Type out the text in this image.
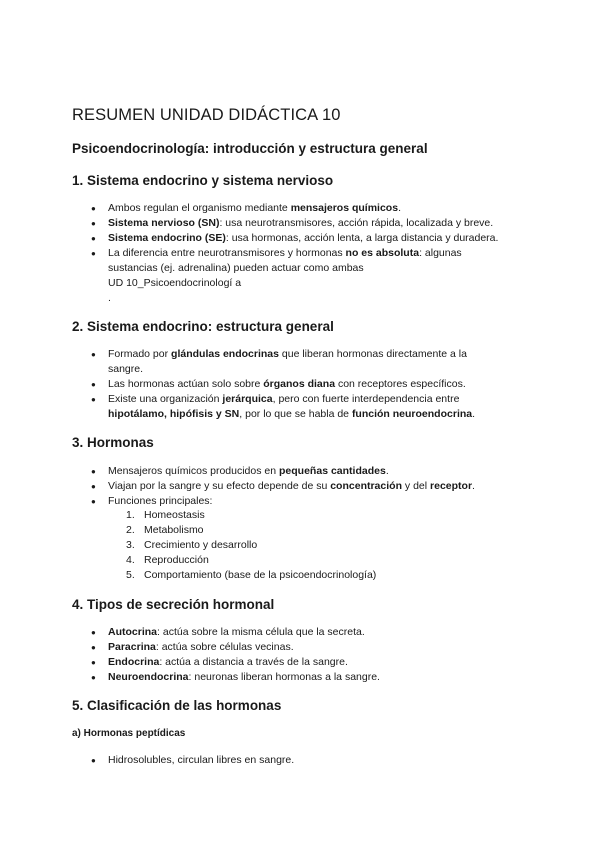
RESUMEN UNIDAD DIDÁCTICA 10
Psicoendocrinología: introducción y estructura general
1. Sistema endocrino y sistema nervioso
● Ambos regulan el organismo mediante mensajeros químicos.
● Sistema nervioso (SN): usa neurotransmisores, acción rápida, localizada y breve.
● Sistema endocrino (SE): usa hormonas, acción lenta, a larga distancia y duradera.
● La diferencia entre neurotransmisores y hormonas no es absoluta: algunas
sustancias (ej. adrenalina) pueden actuar como ambas
UD 10_Psicoendocrinologí a
.
2. Sistema endocrino: estructura general
● Formado por glándulas endocrinas que liberan hormonas directamente a la
sangre.
● Las hormonas actúan solo sobre órganos diana con receptores específicos.
● Existe una organización jerárquica, pero con fuerte interdependencia entre
hipotálamo, hipófisis y SN, por lo que se habla de función neuroendocrina.
3. Hormonas
● Mensajeros químicos producidos en pequeñas cantidades.
● Viajan por la sangre y su efecto depende de su concentración y del receptor.
● Funciones principales:
1. Homeostasis
2. Metabolismo
3. Crecimiento y desarrollo
4. Reproducción
5. Comportamiento (base de la psicoendocrinología)
4. Tipos de secreción hormonal
● Autocrina: actúa sobre la misma célula que la secreta.
● Paracrina: actúa sobre células vecinas.
● Endocrina: actúa a distancia a través de la sangre.
● Neuroendocrina: neuronas liberan hormonas a la sangre.
5. Clasificación de las hormonas
a) Hormonas peptídicas
● Hidrosolubles, circulan libres en sangre.
